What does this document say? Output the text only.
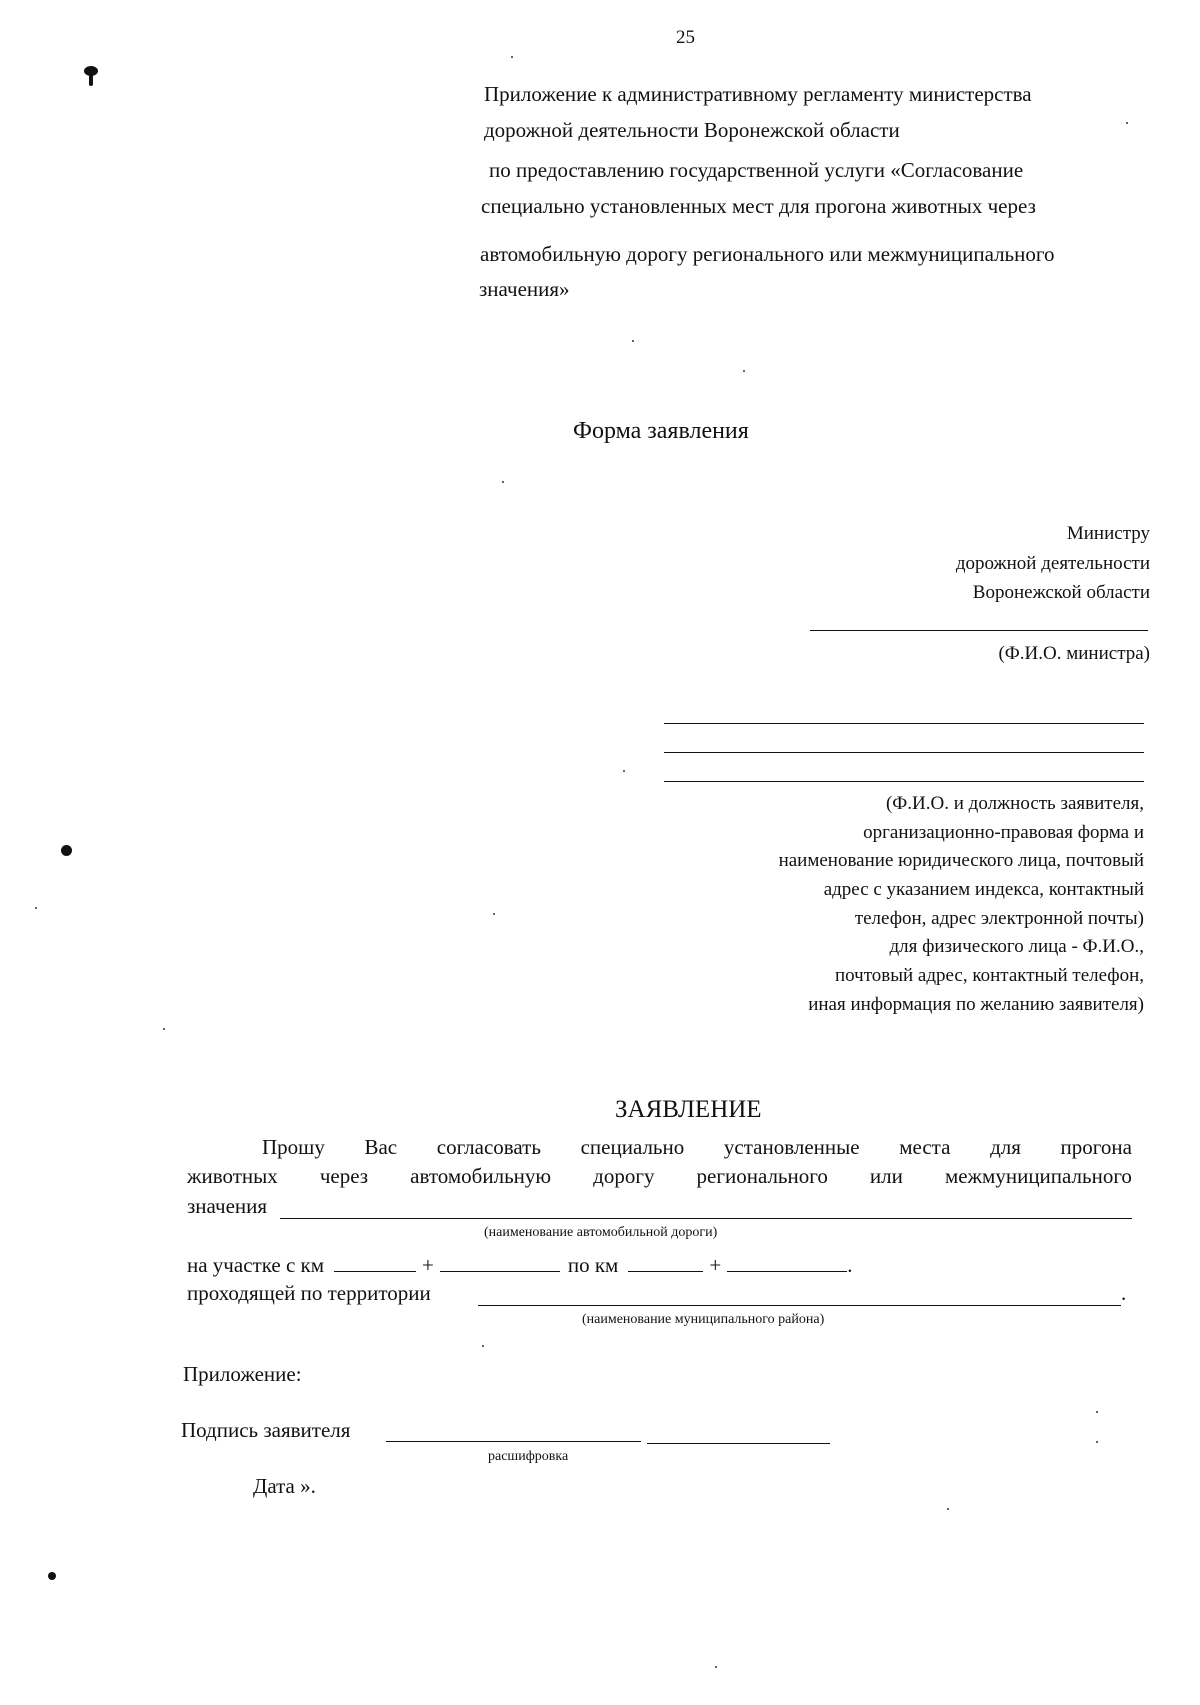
25
Приложение к административному регламенту министерства
дорожной деятельности Воронежской области
по предоставлению государственной услуги «Согласование
специально установленных мест для прогона животных через
автомобильную дорогу регионального или межмуниципального
значения»
Форма заявления
Министру
дорожной деятельности
Воронежской области
(Ф.И.О. министра)
(Ф.И.О. и должность заявителя,
организационно-правовая форма и
наименование юридического лица, почтовый
адрес с указанием индекса, контактный
телефон, адрес электронной почты)
для физического лица - Ф.И.О.,
почтовый адрес, контактный телефон,
иная информация по желанию заявителя)
ЗАЯВЛЕНИЕ
Прошу Вас согласовать специально установленные места для прогона
животных через автомобильную дорогу регионального или межмуниципального
значения
(наименование автомобильной дороги)
на участке с км	+	по км	+	.
проходящей по территории	.
(наименование муниципального района)
Приложение:
Подпись заявителя
расшифровка
Дата ».
